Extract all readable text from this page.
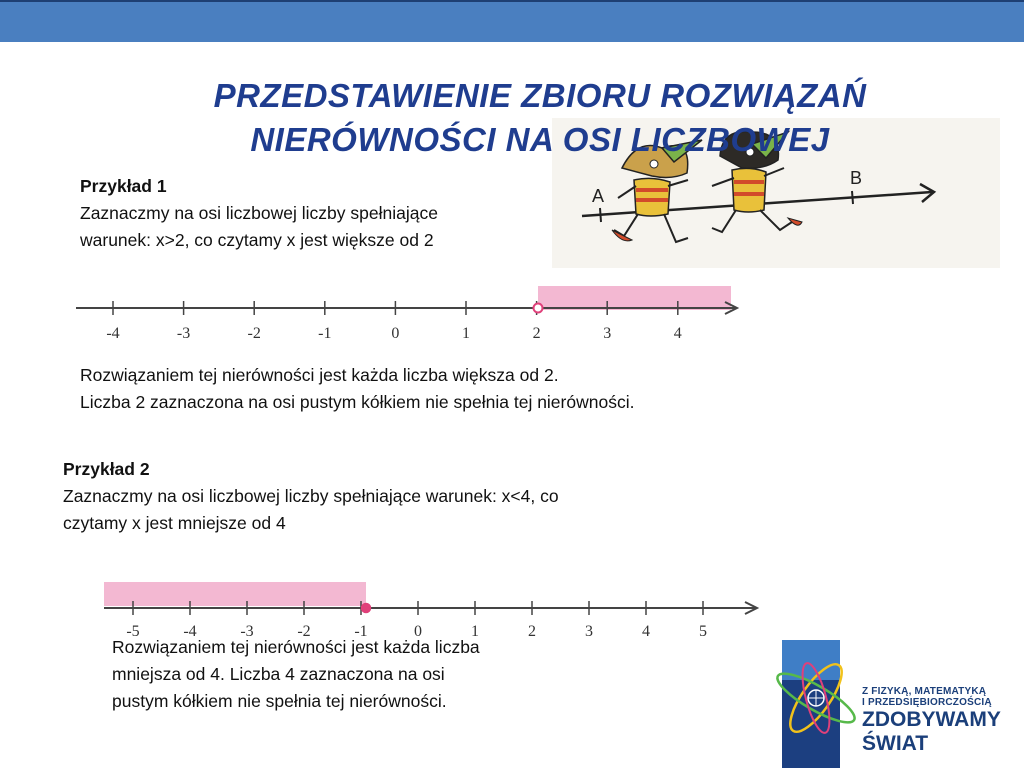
PRZEDSTAWIENIE ZBIORU ROZWIĄZAŃ
NIERÓWNOŚCI NA OSI LICZBOWEJ
A
B
Przykład 1
Zaznaczmy na osi liczbowej liczby spełniające
warunek: x>2, co czytamy x jest większe od 2
-4	-3	-2	-1	0	1	2	3	4
Rozwiązaniem tej nierówności jest każda liczba większa od 2.
Liczba 2 zaznaczona na osi pustym kółkiem nie spełnia tej nierówności.
Przykład 2
Zaznaczmy na osi liczbowej liczby spełniające warunek: x<4, co
czytamy x jest mniejsze od 4
-5	-4	-3	-2	-1	0	1	2	3	4	5
Rozwiązaniem tej nierówności jest każda liczba
mniejsza od 4. Liczba 4 zaznaczona na osi
pustym kółkiem nie spełnia tej nierówności.	Z FIZYKĄ, MATEMATYKĄ
I PRZEDSIĘBIORCZOŚCIĄ
ZDOBYWAMY
ŚWIAT
